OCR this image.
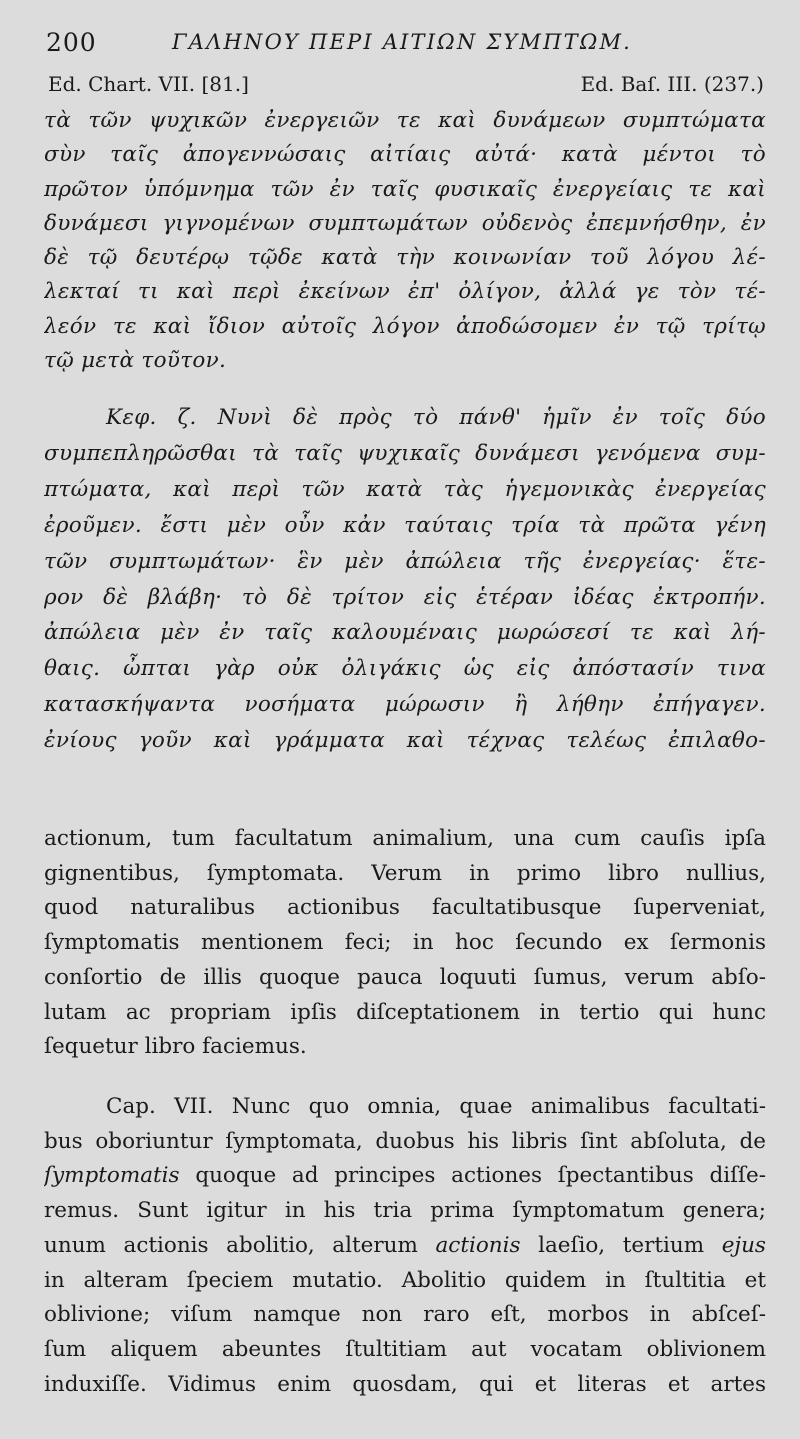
200	ΓΑΛΗΝΟΥ ΠΕΡΙ ΑΙΤΙΩΝ ΣΥΜΠΤΩΜ.
Ed. Chart. VII. [81.]	Ed. Baſ. III. (237.)
τὰ τῶν ψυχικῶν ἐνεργειῶν τε καὶ δυνάμεων συμπτώματα
σὺν ταῖς ἀπογεννώσαις αἰτίαις αὐτά· κατὰ μέντοι τὸ
πρῶτον ὑπόμνημα τῶν ἐν ταῖς φυσικαῖς ἐνεργείαις τε καὶ
δυνάμεσι γιγνομένων συμπτωμάτων οὐδενὸς ἐπεμνήσθην, ἐν
δὲ τῷ δευτέρῳ τῷδε κατὰ τὴν κοινωνίαν τοῦ λόγου λέ-
λεκταί τι καὶ περὶ ἐκείνων ἐπ' ὀλίγον, ἀλλά γε τὸν τέ-
λεόν τε καὶ ἴδιον αὐτοῖς λόγον ἀποδώσομεν ἐν τῷ τρίτῳ
τῷ μετὰ τοῦτον.
Κεφ. ζ. Νυνὶ δὲ πρὸς τὸ πάνθ' ἡμῖν ἐν τοῖς δύο
συμπεπληρῶσθαι τὰ ταῖς ψυχικαῖς δυνάμεσι γενόμενα συμ-
πτώματα, καὶ περὶ τῶν κατὰ τὰς ἡγεμονικὰς ἐνεργείας
ἐροῦμεν. ἔστι μὲν οὖν κἀν ταύταις τρία τὰ πρῶτα γένη
τῶν συμπτωμάτων· ἓν μὲν ἀπώλεια τῆς ἐνεργείας· ἕτε-
ρον δὲ βλάβη· τὸ δὲ τρίτον εἰς ἑτέραν ἰδέας ἐκτροπήν.
ἀπώλεια μὲν ἐν ταῖς καλουμέναις μωρώσεσί τε καὶ λή-
θαις. ὦπται γὰρ οὐκ ὀλιγάκις ὡς εἰς ἀπόστασίν τινα
κατασκήψαντα νοσήματα μώρωσιν ἢ λήθην ἐπήγαγεν.
ἐνίους γοῦν καὶ γράμματα καὶ τέχνας τελέως ἐπιλαθο-
actionum, tum facultatum animalium, una cum cauſis ipſa
gignentibus, ſymptomata. Verum in primo libro nullius,
quod naturalibus actionibus facultatibusque ſuperveniat,
ſymptomatis mentionem feci; in hoc ſecundo ex ſermonis
conſortio de illis quoque pauca loquuti ſumus, verum abſo-
lutam ac propriam ipſis diſceptationem in tertio qui hunc
ſequetur libro faciemus.
Cap. VII. Nunc quo omnia, quae animalibus facultati-
bus oboriuntur ſymptomata, duobus his libris ſint abſoluta, de
ſymptomatis quoque ad principes actiones ſpectantibus diſſe-
remus. Sunt igitur in his tria prima ſymptomatum genera;
unum actionis abolitio, alterum actionis laeſio, tertium ejus
in alteram ſpeciem mutatio. Abolitio quidem in ſtultitia et
oblivione; viſum namque non raro eſt, morbos in abſceſ-
ſum aliquem abeuntes ſtultitiam aut vocatam oblivionem
induxiſſe. Vidimus enim quosdam, qui et literas et artes
